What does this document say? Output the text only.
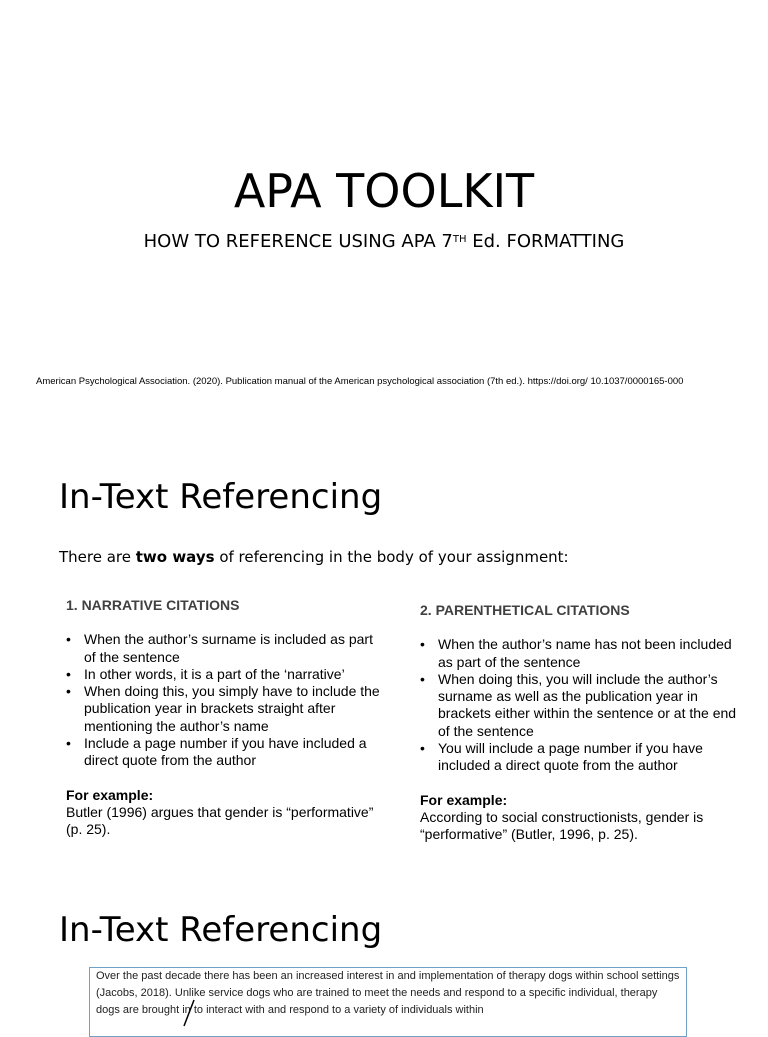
APA TOOLKIT
HOW TO REFERENCE USING APA 7TH Ed. FORMATTING
American Psychological Association. (2020). Publication manual of the American psychological association (7th ed.). https://doi.org/ 10.1037/0000165-000
In-Text Referencing
There are two ways of referencing in the body of your assignment:
1. NARRATIVE CITATIONS
• When the author’s surname is included as part of the sentence
• In other words, it is a part of the ‘narrative’
• When doing this, you simply have to include the publication year in brackets straight after mentioning the author’s name
• Include a page number if you have included a direct quote from the author
For example:
Butler (1996) argues that gender is “performative” (p. 25).
2. PARENTHETICAL CITATIONS
• When the author’s name has not been included as part of the sentence
• When doing this, you will include the author’s surname as well as the publication year in brackets either within the sentence or at the end of the sentence
• You will include a page number if you have included a direct quote from the author
For example:
According to social constructionists, gender is “performative” (Butler, 1996, p. 25).
In-Text Referencing
Over the past decade there has been an increased interest in and implementation of therapy dogs within school settings (Jacobs, 2018). Unlike service dogs who are trained to meet the needs and respond to a specific individual, therapy dogs are brought in to interact with and respond to a variety of individuals within
